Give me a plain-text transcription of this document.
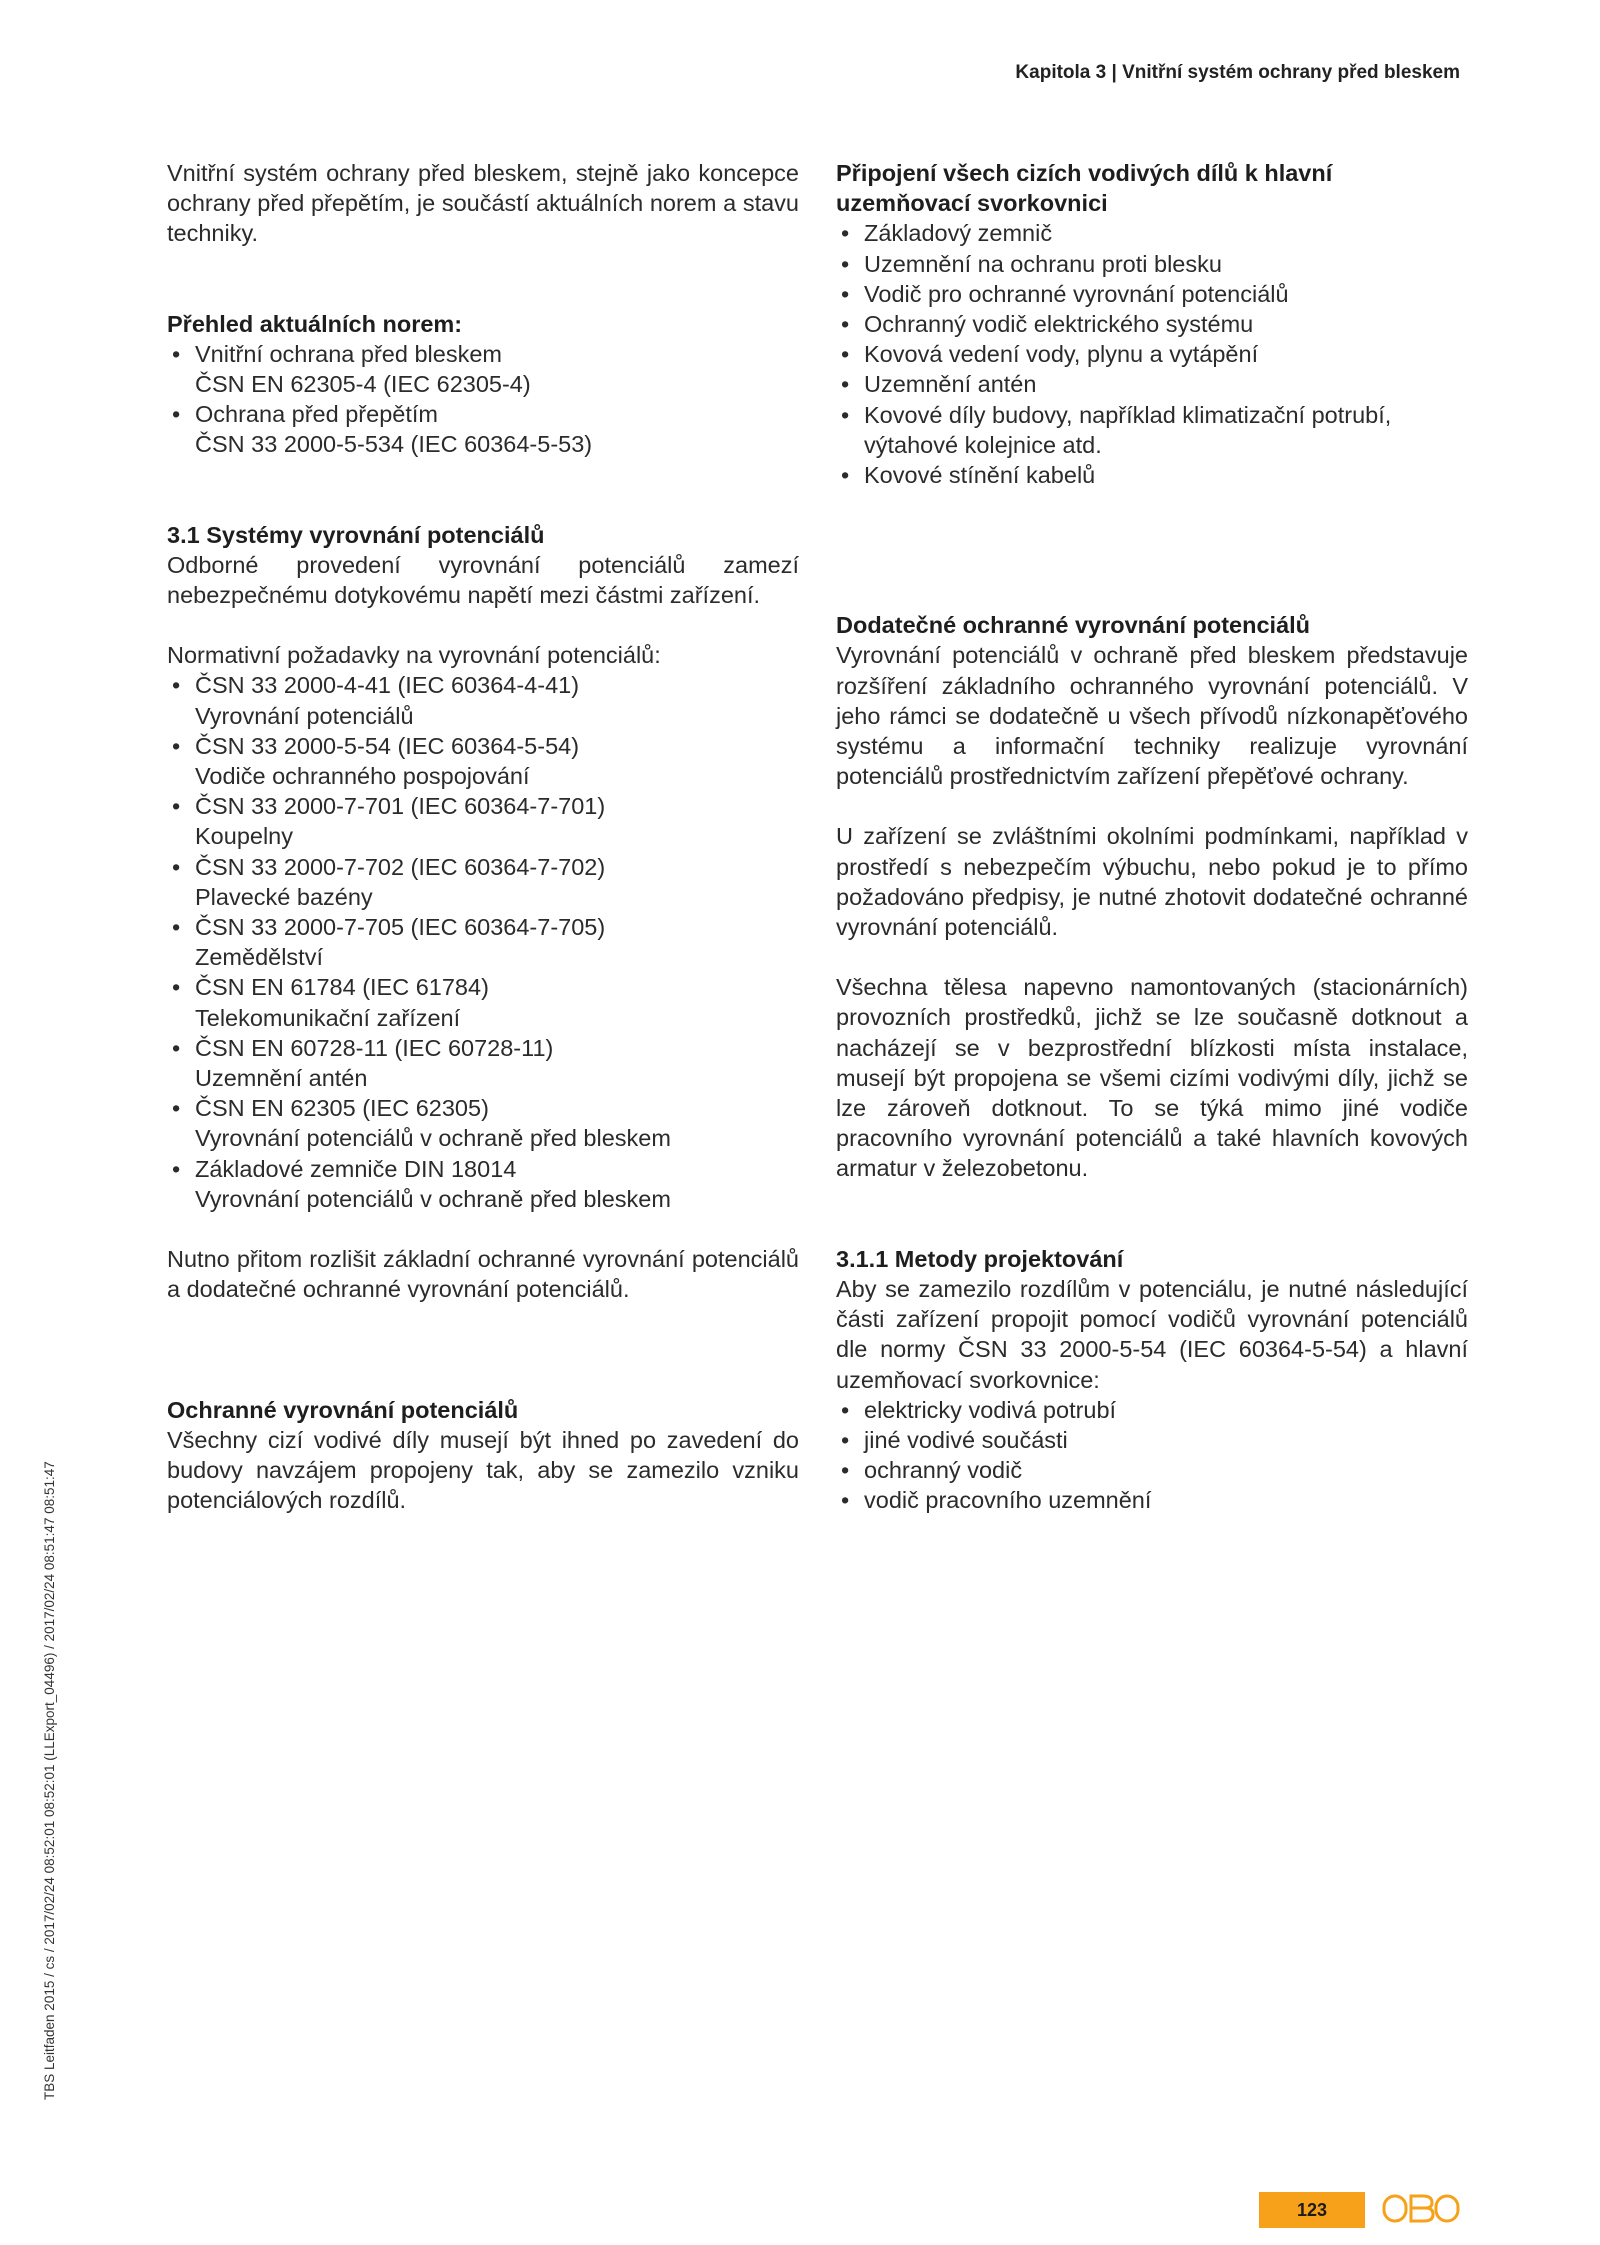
Kapitola 3 | Vnitřní systém ochrany před bleskem

Vnitřní systém ochrany před bleskem, stejně jako koncepce ochrany před přepětím, je součástí aktuálních norem a stavu techniky.

Přehled aktuálních norem:
• Vnitřní ochrana před bleskem
ČSN EN 62305-4 (IEC 62305-4)
• Ochrana před přepětím
ČSN 33 2000-5-534 (IEC 60364-5-53)
3.1 Systémy vyrovnání potenciálů

Odborné provedení vyrovnání potenciálů zamezí nebezpečnému dotykovému napětí mezi částmi zařízení.

Normativní požadavky na vyrovnání potenciálů:

• ČSN 33 2000-4-41 (IEC 60364-4-41)
Vyrovnání potenciálů
• ČSN 33 2000-5-54 (IEC 60364-5-54)
Vodiče ochranného pospojování
• ČSN 33 2000-7-701 (IEC 60364-7-701)
Koupelny
• ČSN 33 2000-7-702 (IEC 60364-7-702)
Plavecké bazény
• ČSN 33 2000-7-705 (IEC 60364-7-705)
Zemědělství
• ČSN EN 61784 (IEC 61784)
Telekomunikační zařízení
• ČSN EN 60728-11 (IEC 60728-11)
Uzemnění antén
• ČSN EN 62305 (IEC 62305)
Vyrovnání potenciálů v ochraně před bleskem
• Základové zemniče DIN 18014
Vyrovnání potenciálů v ochraně před bleskem

Nutno přitom rozlišit základní ochranné vyrovnání potenciálů a dodatečné ochranné vyrovnání potenciálů.

Ochranné vyrovnání potenciálů

Všechny cizí vodivé díly musejí být ihned po zavedení do budovy navzájem propojeny tak, aby se zamezilo vzniku potenciálových rozdílů.

Připojení všech cizích vodivých dílů k hlavní uzemňovací svorkovnici
• Základový zemnič
• Uzemnění na ochranu proti blesku
• Vodič pro ochranné vyrovnání potenciálů
• Ochranný vodič elektrického systému
• Kovová vedení vody, plynu a vytápění
• Uzemnění antén
• Kovové díly budovy, například klimatizační potrubí, výtahové kolejnice atd.
• Kovové stínění kabelů
Dodatečné ochranné vyrovnání potenciálů

Vyrovnání potenciálů v ochraně před bleskem představuje rozšíření základního ochranného vyrovnání potenciálů. V jeho rámci se dodatečně u všech přívodů nízkonapěťového systému a informační techniky realizuje vyrovnání potenciálů prostřednictvím zařízení přepěťové ochrany.

U zařízení se zvláštními okolními podmínkami, například v prostředí s nebezpečím výbuchu, nebo pokud je to přímo požadováno předpisy, je nutné zhotovit dodatečné ochranné vyrovnání potenciálů.

Všechna tělesa napevno namontovaných (stacionárních) provozních prostředků, jichž se lze současně dotknout a nacházejí se v bezprostřední blízkosti místa instalace, musejí být propojena se všemi cizími vodivými díly, jichž se lze zároveň dotknout. To se týká mimo jiné vodiče pracovního vyrovnání potenciálů a také hlavních kovových armatur v železobetonu.

3.1.1 Metody projektování

Aby se zamezilo rozdílům v potenciálu, je nutné následující části zařízení propojit pomocí vodičů vyrovnání potenciálů dle normy ČSN 33 2000-5-54 (IEC 60364-5-54) a hlavní uzemňovací svorkovnice:

• elektricky vodivá potrubí
• jiné vodivé součásti
• ochranný vodič
• vodič pracovního uzemnění
TBS Leitfaden 2015 / cs / 2017/02/24 08:52:01 08:52:01 (LLExport_04496) / 2017/02/24 08:51:47 08:51:47
123
